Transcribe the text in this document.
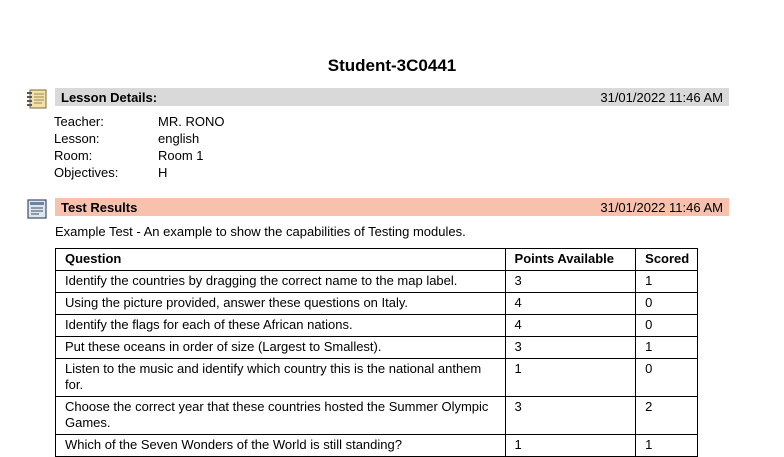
Student-3C0441
Lesson Details:	31/01/2022 11:46 AM
Teacher:	MR. RONO
Lesson:	english
Room:	Room 1
Objectives:	H
Test Results	31/01/2022 11:46 AM
Example Test - An example to show the capabilities of Testing modules.
Question	Points Available	Scored
Identify the countries by dragging the correct name to the map label.	3	1
Using the picture provided, answer these questions on Italy.	4	0
Identify the flags for each of these African nations.	4	0
Put these oceans in order of size (Largest to Smallest).	3	1
Listen to the music and identify which country this is the national anthem for.	1	0
Choose the correct year that these countries hosted the Summer Olympic Games.	3	2
Which of the Seven Wonders of the World is still standing?	1	1
